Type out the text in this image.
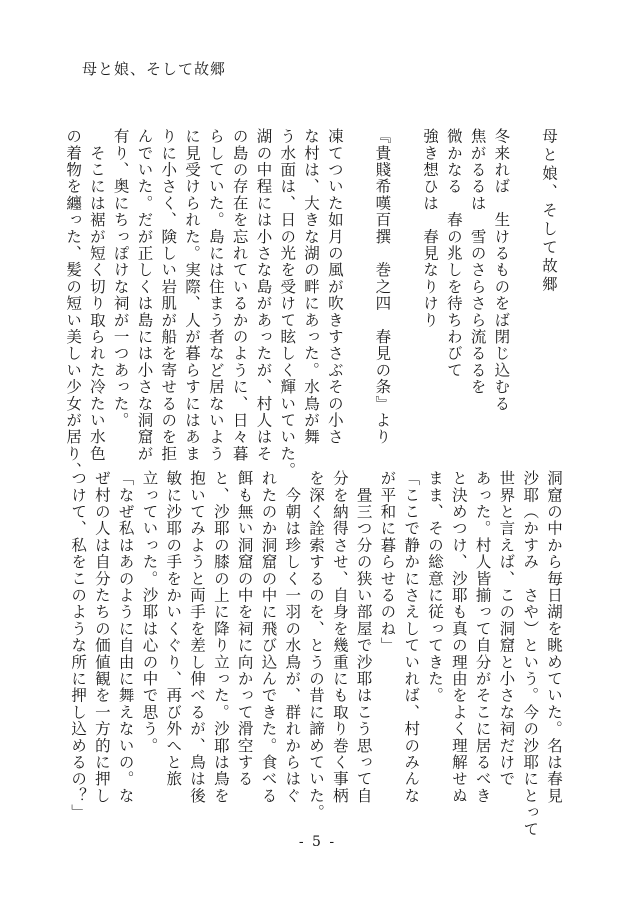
母と娘、そして故郷
母と娘、そして故郷
冬来れば　生けるものをば閉じ込むる
焦がるるは　雪のさらさら流るるを
微かなる　春の兆しを待ちわびて
強き想ひは　春見なりけり
『貴賤希嘆百撰　巻之四　春見の条』より
凍てついた如月の風が吹きすさぶその小さ
な村は、大きな湖の畔にあった。水鳥が舞
う水面は、日の光を受けて眩しく輝いていた。
湖の中程には小さな島があったが、村人はそ
の島の存在を忘れているかのように、日々暮
らしていた。島には住まう者など居ないよう
に見受けられた。実際、人が暮らすにはあま
りに小さく、険しい岩肌が船を寄せるのを拒
んでいた。だが正しくは島には小さな洞窟が
有り、奥にちっぽけな祠が一つあった。
　そこには裾が短く切り取られた冷たい水色
の着物を纏った、髪の短い美しい少女が居り、
洞窟の中から毎日湖を眺めていた。名は春見
沙耶（かすみ　さや）という。今の沙耶にとって
世界と言えば、この洞窟と小さな祠だけで
あった。村人皆揃って自分がそこに居るべき
と決めつけ、沙耶も真の理由をよく理解せぬ
まま、その総意に従ってきた。
「ここで静かにさえしていれば、村のみんな
が平和に暮らせるのね」
　畳三つ分の狭い部屋で沙耶はこう思って自
分を納得させ、自身を幾重にも取り巻く事柄
を深く詮索するのを、とうの昔に諦めていた。
　今朝は珍しく一羽の水鳥が、群れからはぐ
れたのか洞窟の中に飛び込んできた。食べる
餌も無い洞窟の中を祠に向かって滑空する
と、沙耶の膝の上に降り立った。沙耶は鳥を
抱いてみようと両手を差し伸べるが、鳥は後
敏に沙耶の手をかいくぐり、再び外へと旅
立っていった。沙耶は心の中で思う。
「なぜ私はあのように自由に舞えないの。な
ぜ村の人は自分たちの価値観を一方的に押し
つけて、私をこのような所に押し込めるの？」
- 5 -
